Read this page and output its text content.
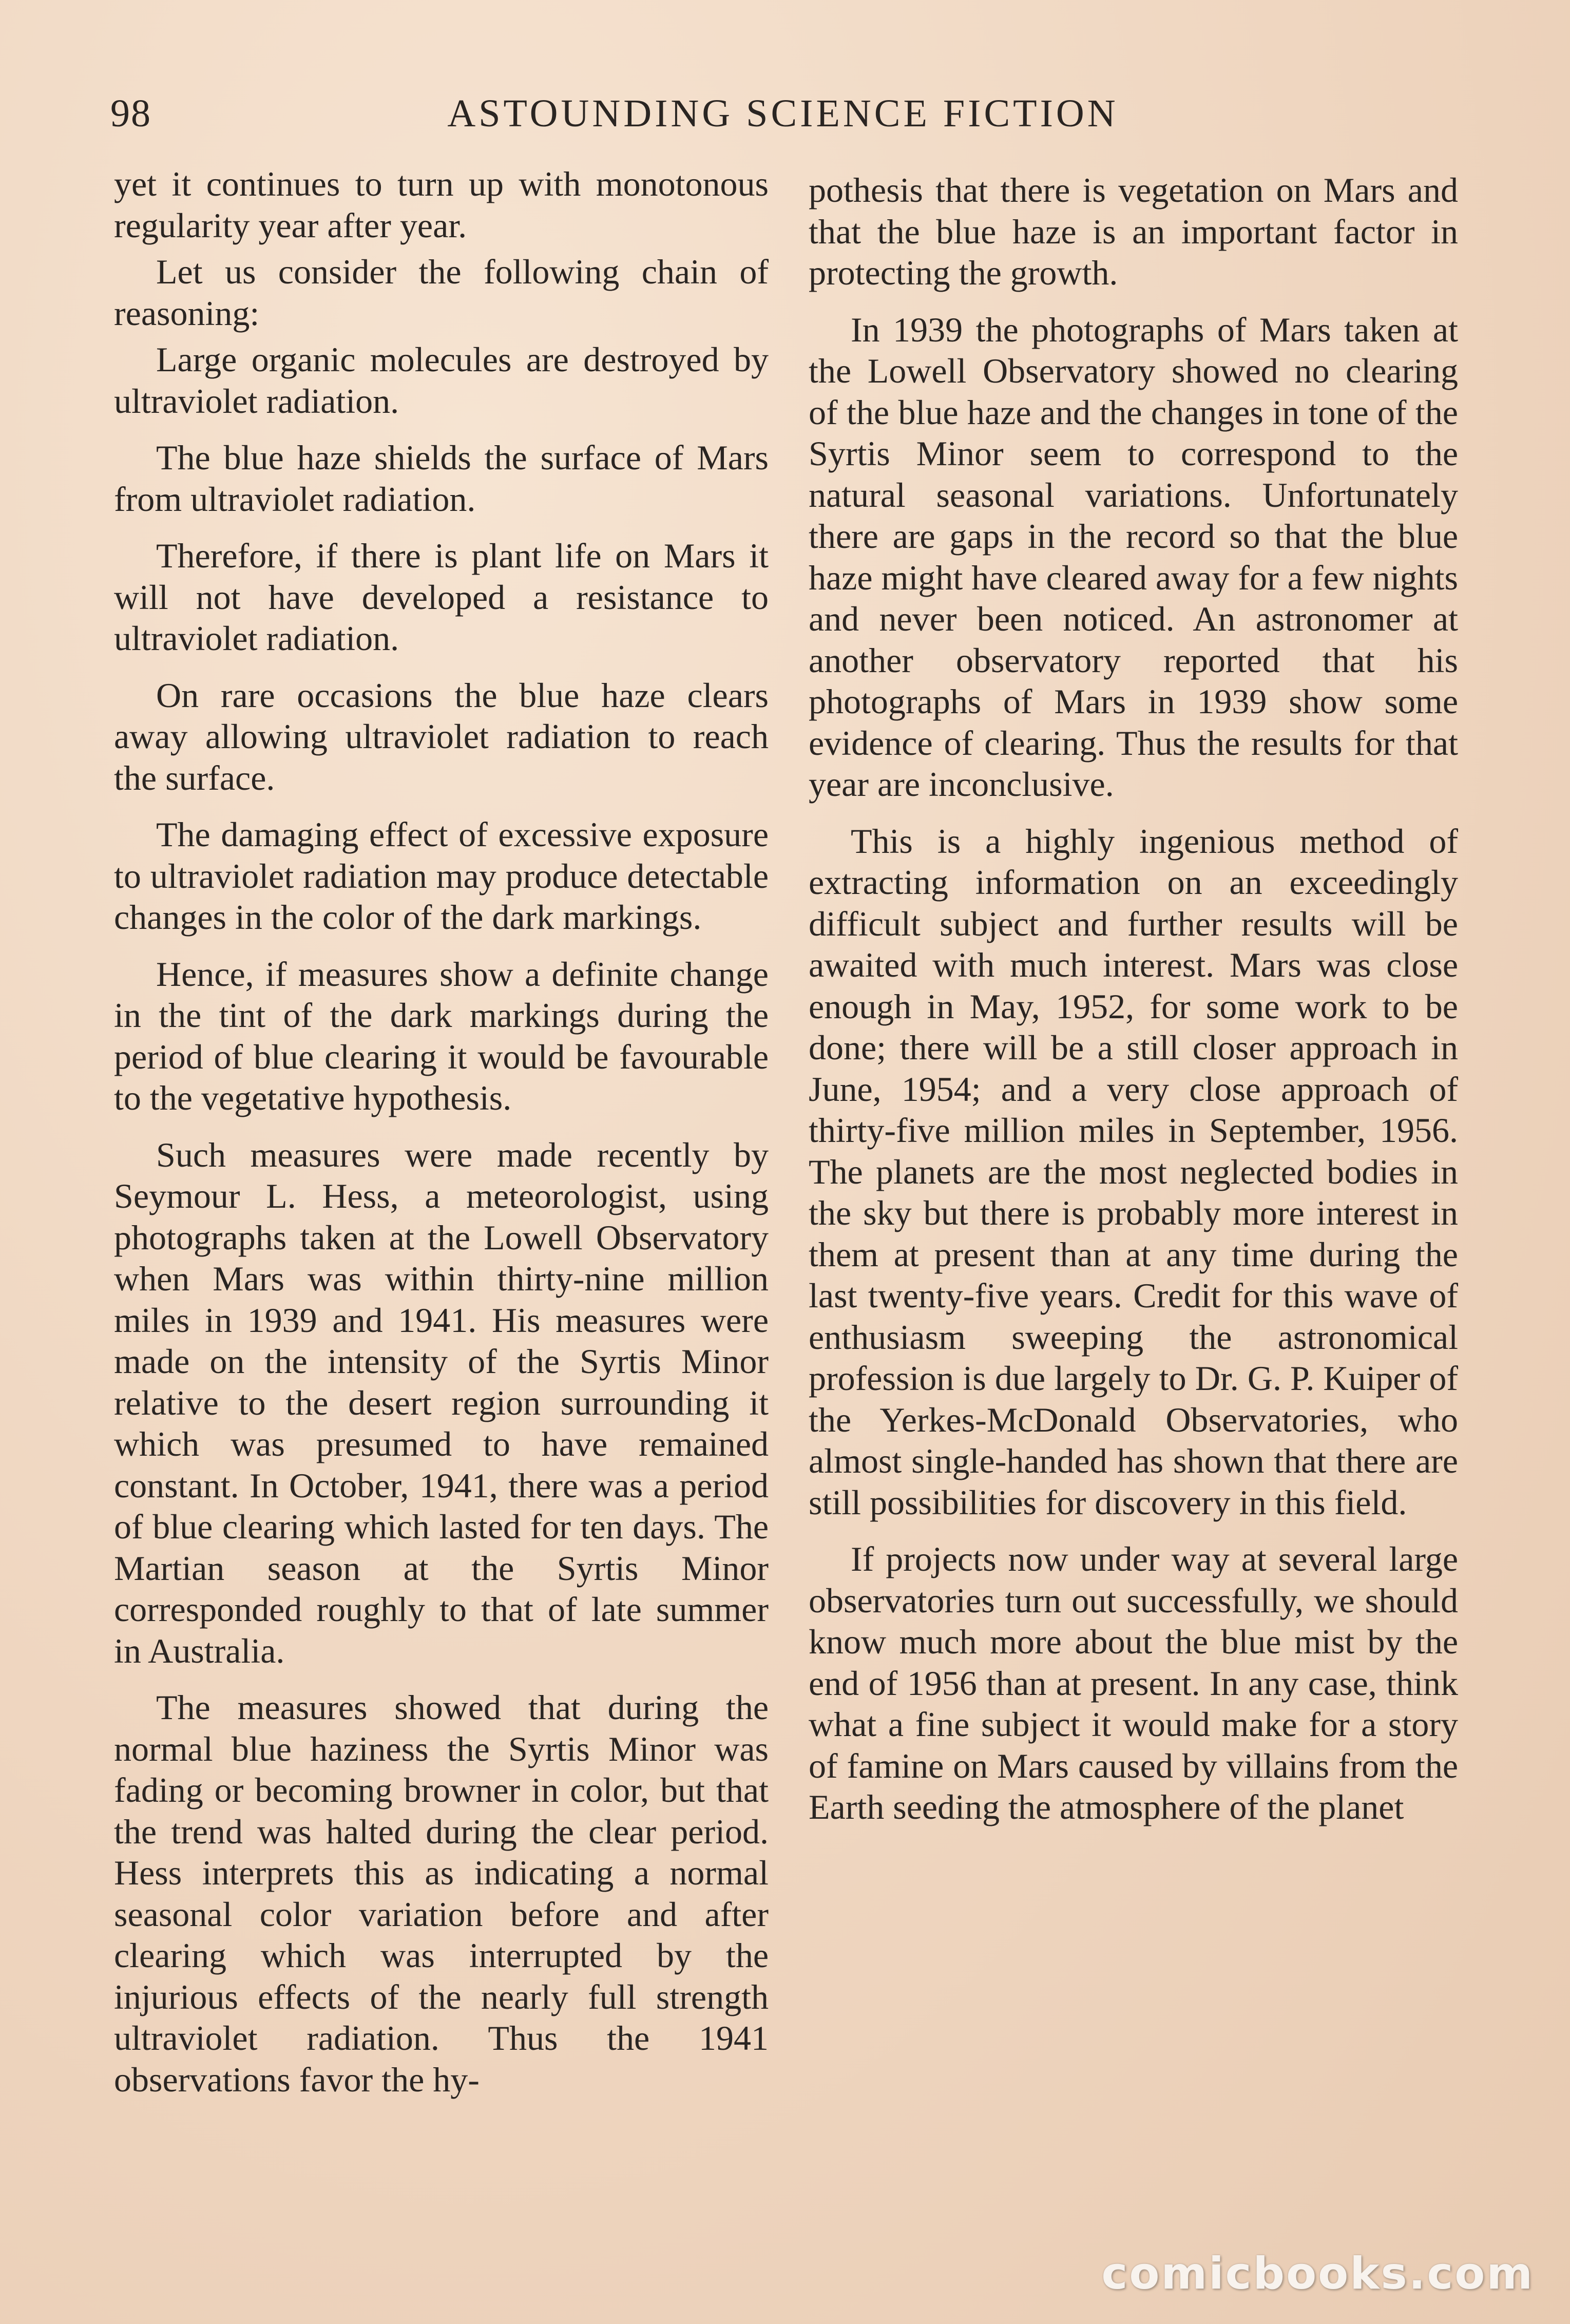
98	ASTOUNDING SCIENCE FICTION

yet it continues to turn up with monotonous regularity year after year.

Let us consider the following chain of reasoning:

Large organic molecules are destroyed by ultraviolet radiation.

The blue haze shields the surface of Mars from ultraviolet radiation.

Therefore, if there is plant life on Mars it will not have developed a resistance to ultraviolet radiation.

On rare occasions the blue haze clears away allowing ultraviolet radiation to reach the surface.

The damaging effect of excessive exposure to ultraviolet radiation may produce detectable changes in the color of the dark markings.

Hence, if measures show a definite change in the tint of the dark markings during the period of blue clearing it would be favourable to the vegetative hypothesis.

Such measures were made recently by Seymour L. Hess, a meteorologist, using photographs taken at the Lowell Observatory when Mars was within thirty-nine million miles in 1939 and 1941. His measures were made on the intensity of the Syrtis Minor relative to the desert region surrounding it which was presumed to have remained constant. In October, 1941, there was a period of blue clearing which lasted for ten days. The Martian season at the Syrtis Minor corresponded roughly to that of late summer in Australia.

The measures showed that during the normal blue haziness the Syrtis Minor was fading or becoming browner in color, but that the trend was halted during the clear period. Hess interprets this as indicating a normal seasonal color variation before and after clearing which was interrupted by the injurious effects of the nearly full strength ultraviolet radiation. Thus the 1941 observations favor the hy-

pothesis that there is vegetation on Mars and that the blue haze is an important factor in protecting the growth.

In 1939 the photographs of Mars taken at the Lowell Observatory showed no clearing of the blue haze and the changes in tone of the Syrtis Minor seem to correspond to the natural seasonal variations. Unfortunately there are gaps in the record so that the blue haze might have cleared away for a few nights and never been noticed. An astronomer at another observatory reported that his photographs of Mars in 1939 show some evidence of clearing. Thus the results for that year are inconclusive.

This is a highly ingenious method of extracting information on an exceedingly difficult subject and further results will be awaited with much interest. Mars was close enough in May, 1952, for some work to be done; there will be a still closer approach in June, 1954; and a very close approach of thirty-five million miles in September, 1956. The planets are the most neglected bodies in the sky but there is probably more interest in them at present than at any time during the last twenty-five years. Credit for this wave of enthusiasm sweeping the astronomical profession is due largely to Dr. G. P. Kuiper of the Yerkes-McDonald Observatories, who almost single-handed has shown that there are still possibilities for discovery in this field.

If projects now under way at several large observatories turn out successfully, we should know much more about the blue mist by the end of 1956 than at present. In any case, think what a fine subject it would make for a story of famine on Mars caused by villains from the Earth seeding the atmosphere of the planet

comicbooks.com
